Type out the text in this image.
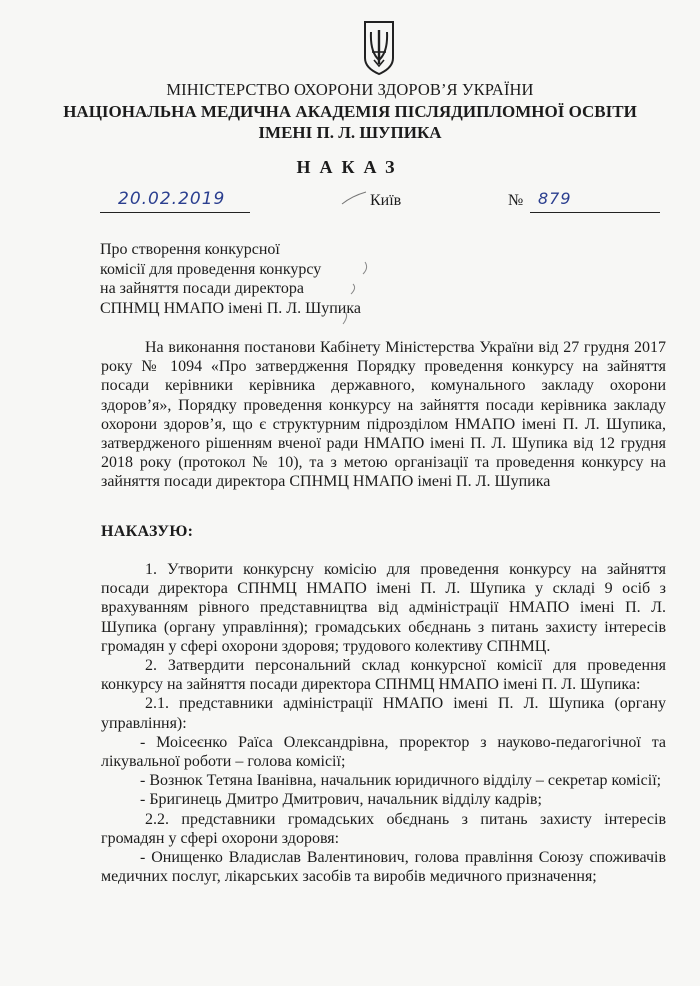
МІНІСТЕРСТВО ОХОРОНИ ЗДОРОВ’Я УКРАЇНИ
НАЦІОНАЛЬНА МЕДИЧНА АКАДЕМІЯ ПІСЛЯДИПЛОМНОЇ ОСВІТИ
ІМЕНІ П. Л. ШУПИКА
НАКАЗ
20.02.2019	Київ	№ 879
Про створення конкурсної
комісії для проведення конкурсу
на зайняття посади директора
СПНМЦ НМАПО імені П. Л. Шупика

На виконання постанови Кабінету Міністерства України від 27 грудня 2017 року № 1094 «Про затвердження Порядку проведення конкурсу на зайняття посади керівники керівника державного, комунального закладу охорони здоров’я», Порядку проведення конкурсу на зайняття посади керівника закладу охорони здоров’я, що є структурним підрозділом НМАПО імені П. Л. Шупика, затвердженого рішенням вченої ради НМАПО імені П. Л. Шупика від 12 грудня 2018 року (протокол № 10), та з метою організації та проведення конкурсу на зайняття посади директора СПНМЦ НМАПО імені П. Л. Шупика

НАКАЗУЮ:

1. Утворити конкурсну комісію для проведення конкурсу на зайняття посади директора СПНМЦ НМАПО імені П. Л. Шупика у складі 9 осіб з врахуванням рівного представництва від адміністрації НМАПО імені П. Л. Шупика (органу управління); громадських обєднань з питань захисту інтересів громадян у сфері охорони здоровя; трудового колективу СПНМЦ.

2. Затвердити персональний склад конкурсної комісії для проведення конкурсу на зайняття посади директора СПНМЦ НМАПО імені П. Л. Шупика:

2.1. представники адміністрації НМАПО імені П. Л. Шупика (органу управління):

- Моісеєнко Раїса Олександрівна, проректор з науково-педагогічної та лікувальної роботи – голова комісії;

- Вознюк Тетяна Іванівна, начальник юридичного відділу – секретар комісії;

- Бригинець Дмитро Дмитрович, начальник відділу кадрів;

2.2. представники громадських обєднань з питань захисту інтересів громадян у сфері охорони здоровя:

- Онищенко Владислав Валентинович, голова правління Союзу споживачів медичних послуг, лікарських засобів та виробів медичного призначення;
